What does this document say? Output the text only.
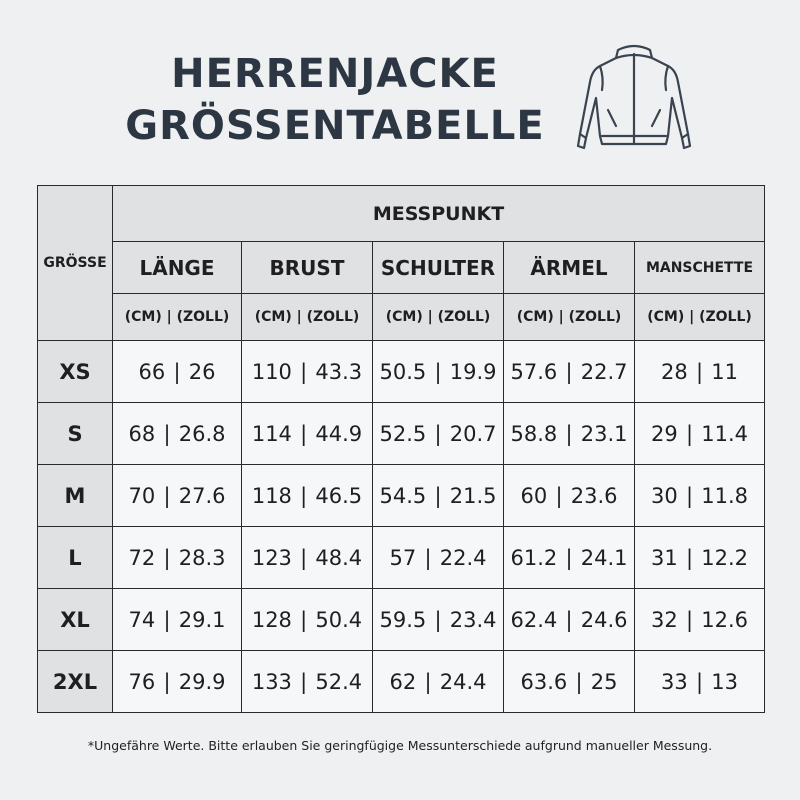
HERRENJACKE
GRÖSSENTABELLE
GRÖSSE	MESSPUNKT				
	LÄNGE	BRUST	SCHULTER	ÄRMEL	MANSCHETTE
	(CM) | (ZOLL)	(CM) | (ZOLL)	(CM) | (ZOLL)	(CM) | (ZOLL)	(CM) | (ZOLL)
XS	66 | 26	110 | 43.3	50.5 | 19.9	57.6 | 22.7	28 | 11
S	68 | 26.8	114 | 44.9	52.5 | 20.7	58.8 | 23.1	29 | 11.4
M	70 | 27.6	118 | 46.5	54.5 | 21.5	60 | 23.6	30 | 11.8
L	72 | 28.3	123 | 48.4	57 | 22.4	61.2 | 24.1	31 | 12.2
XL	74 | 29.1	128 | 50.4	59.5 | 23.4	62.4 | 24.6	32 | 12.6
2XL	76 | 29.9	133 | 52.4	62 | 24.4	63.6 | 25	33 | 13
*Ungefähre Werte. Bitte erlauben Sie geringfügige Messunterschiede aufgrund manueller Messung.
